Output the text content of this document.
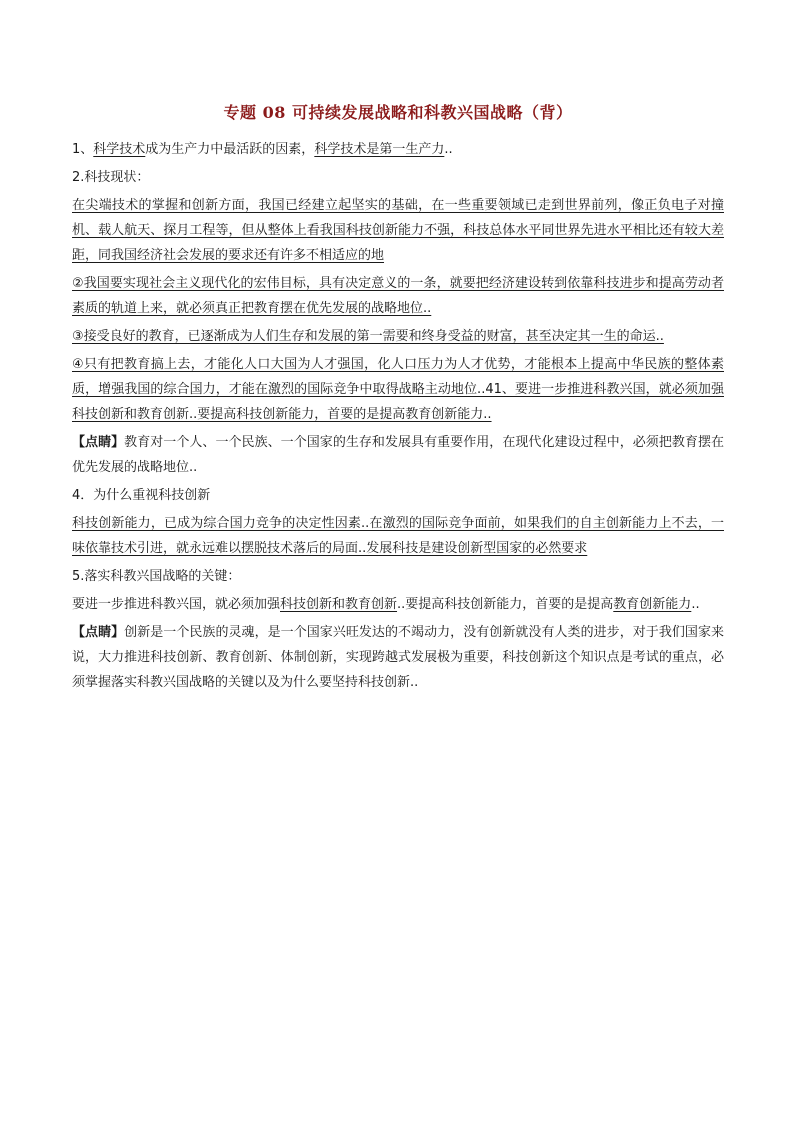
专题 08 可持续发展战略和科教兴国战略（背）

1、科学技术成为生产力中最活跃的因素，科学技术是第一生产力..

2.科技现状：

在尖端技术的掌握和创新方面，我国已经建立起坚实的基础，在一些重要领域已走到世界前列，像正负电子对撞机、载人航天、探月工程等，但从整体上看我国科技创新能力不强，科技总体水平同世界先进水平相比还有较大差距，同我国经济社会发展的要求还有许多不相适应的地

②我国要实现社会主义现代化的宏伟目标，具有决定意义的一条，就要把经济建设转到依靠科技进步和提高劳动者素质的轨道上来，就必须真正把教育摆在优先发展的战略地位..

③接受良好的教育，已逐渐成为人们生存和发展的第一需要和终身受益的财富，甚至决定其一生的命运..

④只有把教育搞上去，才能化人口大国为人才强国，化人口压力为人才优势，才能根本上提高中华民族的整体素质，增强我国的综合国力，才能在激烈的国际竞争中取得战略主动地位..41、要进一步推进科教兴国，就必须加强科技创新和教育创新..要提高科技创新能力，首要的是提高教育创新能力..

【点睛】教育对一个人、一个民族、一个国家的生存和发展具有重要作用，在现代化建设过程中，必须把教育摆在优先发展的战略地位..

4．为什么重视科技创新

科技创新能力，已成为综合国力竞争的决定性因素..在激烈的国际竞争面前，如果我们的自主创新能力上不去，一味依靠技术引进，就永远难以摆脱技术落后的局面..发展科技是建设创新型国家的必然要求

5.落实科教兴国战略的关键：

要进一步推进科教兴国，就必须加强科技创新和教育创新..要提高科技创新能力，首要的是提高教育创新能力..

【点睛】创新是一个民族的灵魂，是一个国家兴旺发达的不竭动力，没有创新就没有人类的进步，对于我们国家来说，大力推进科技创新、教育创新、体制创新，实现跨越式发展极为重要，科技创新这个知识点是考试的重点，必须掌握落实科教兴国战略的关键以及为什么要坚持科技创新..
